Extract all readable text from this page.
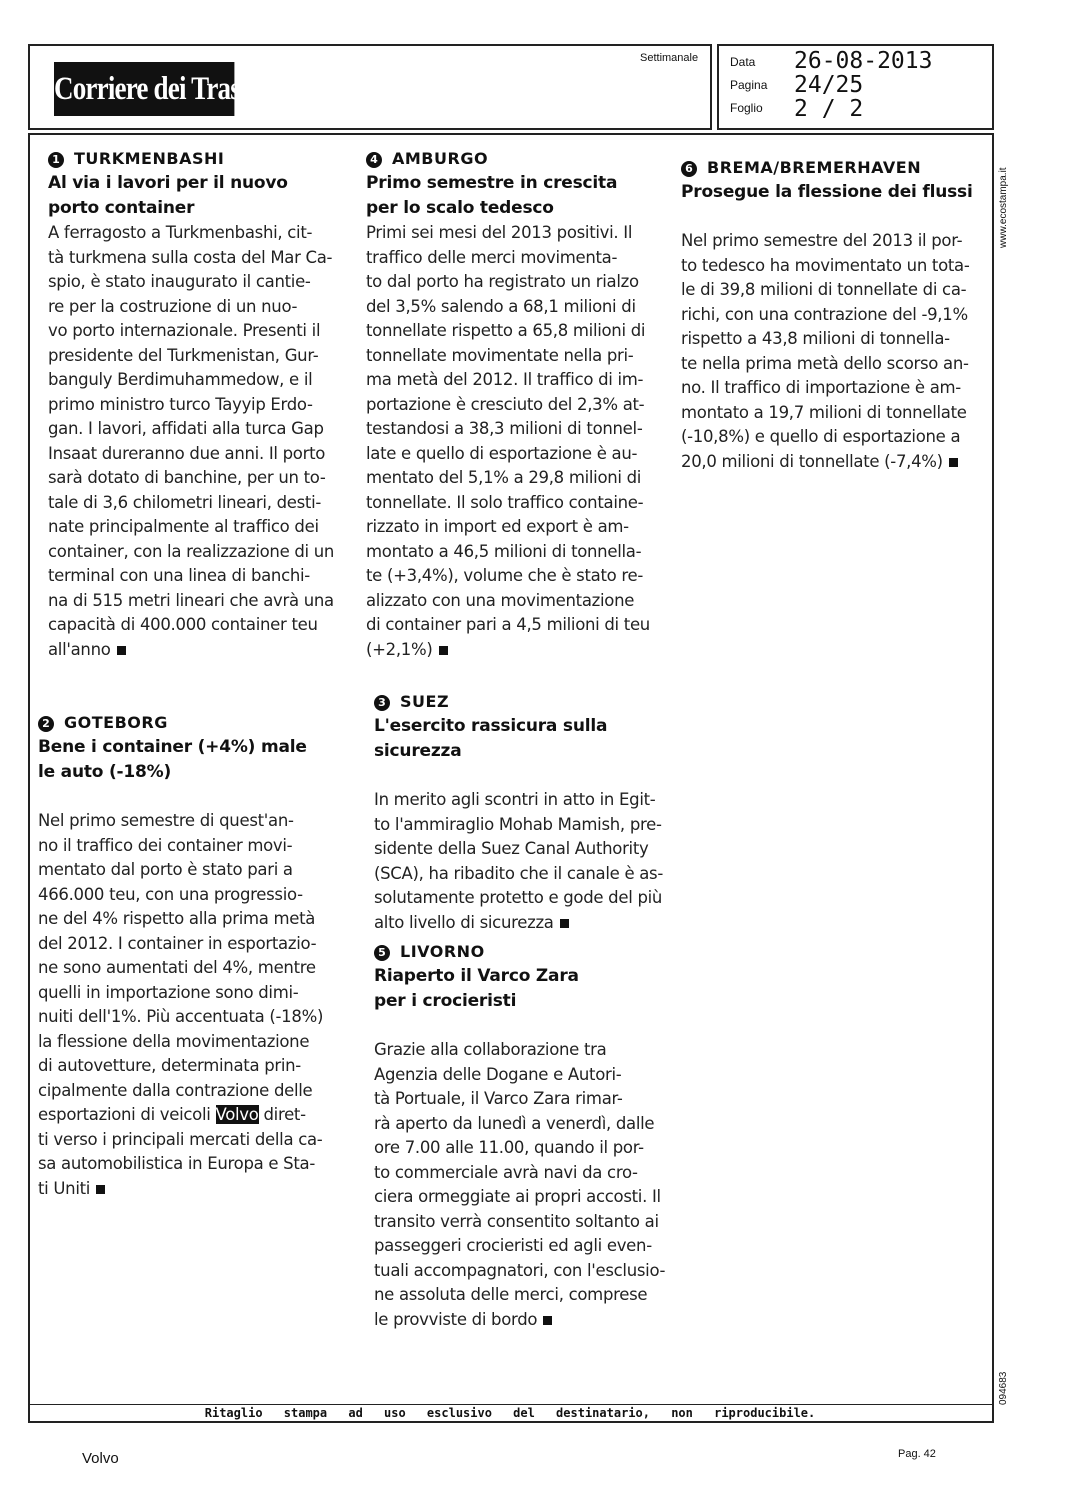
Corriere dei Trasporti
Settimanale	Data
Pagina
Foglio
26-08-2013
24/25
2 / 2
Ritaglio stampa ad uso esclusivo del destinatario, non riproducibile.
www.ecostampa.it
094683
1 TURKMENBASHI
Al via i lavori per il nuovo
porto container
A ferragosto a Turkmenbashi, cit-
tà turkmena sulla costa del Mar Ca-
spio, è stato inaugurato il cantie-
re per la costruzione di un nuo-
vo porto internazionale. Presenti il
presidente del Turkmenistan, Gur-
banguly Berdimuhammedow, e il
primo ministro turco Tayyip Erdo-
gan. I lavori, affidati alla turca Gap
Insaat dureranno due anni. Il porto
sarà dotato di banchine, per un to-
tale di 3,6 chilometri lineari, desti-
nate principalmente al traffico dei
container, con la realizzazione di un
terminal con una linea di banchi-
na di 515 metri lineari che avrà una
capacità di 400.000 container teu
all'anno
2 GOTEBORG
Bene i container (+4%) male
le auto (-18%)
Nel primo semestre di quest'an-
no il traffico dei container movi-
mentato dal porto è stato pari a
466.000 teu, con una progressio-
ne del 4% rispetto alla prima metà
del 2012. I container in esportazio-
ne sono aumentati del 4%, mentre
quelli in importazione sono dimi-
nuiti dell'1%. Più accentuata (-18%)
la flessione della movimentazione
di autovetture, determinata prin-
cipalmente dalla contrazione delle
esportazioni di veicoli Volvo diret-
ti verso i principali mercati della ca-
sa automobilistica in Europa e Sta-
ti Uniti
4 AMBURGO
Primo semestre in crescita
per lo scalo tedesco
Primi sei mesi del 2013 positivi. Il
traffico delle merci movimenta-
to dal porto ha registrato un rialzo
del 3,5% salendo a 68,1 milioni di
tonnellate rispetto a 65,8 milioni di
tonnellate movimentate nella pri-
ma metà del 2012. Il traffico di im-
portazione è cresciuto del 2,3% at-
testandosi a 38,3 milioni di tonnel-
late e quello di esportazione è au-
mentato del 5,1% a 29,8 milioni di
tonnellate. Il solo traffico containe-
rizzato in import ed export è am-
montato a 46,5 milioni di tonnella-
te (+3,4%), volume che è stato re-
alizzato con una movimentazione
di container pari a 4,5 milioni di teu
(+2,1%)
3 SUEZ
L'esercito rassicura sulla sicurezza
In merito agli scontri in atto in Egit-
to l'ammiraglio Mohab Mamish, pre-
sidente della Suez Canal Authority
(SCA), ha ribadito che il canale è as-
solutamente protetto e gode del più
alto livello di sicurezza
5 LIVORNO
Riaperto il Varco Zara
per i crocieristi
Grazie alla collaborazione tra
Agenzia delle Dogane e Autori-
tà Portuale, il Varco Zara rimar-
rà aperto da lunedì a venerdì, dalle
ore 7.00 alle 11.00, quando il por-
to commerciale avrà navi da cro-
ciera ormeggiate ai propri accosti. Il
transito verrà consentito soltanto ai
passeggeri crocieristi ed agli even-
tuali accompagnatori, con l'esclusio-
ne assoluta delle merci, comprese
le provviste di bordo
6 BREMA/BREMERHAVEN
Prosegue la flessione dei flussi
Nel primo semestre del 2013 il por-
to tedesco ha movimentato un tota-
le di 39,8 milioni di tonnellate di ca-
richi, con una contrazione del -9,1%
rispetto a 43,8 milioni di tonnella-
te nella prima metà dello scorso an-
no. Il traffico di importazione è am-
montato a 19,7 milioni di tonnellate
(-10,8%) e quello di esportazione a
20,0 milioni di tonnellate (-7,4%)
Volvo	Pag. 42
